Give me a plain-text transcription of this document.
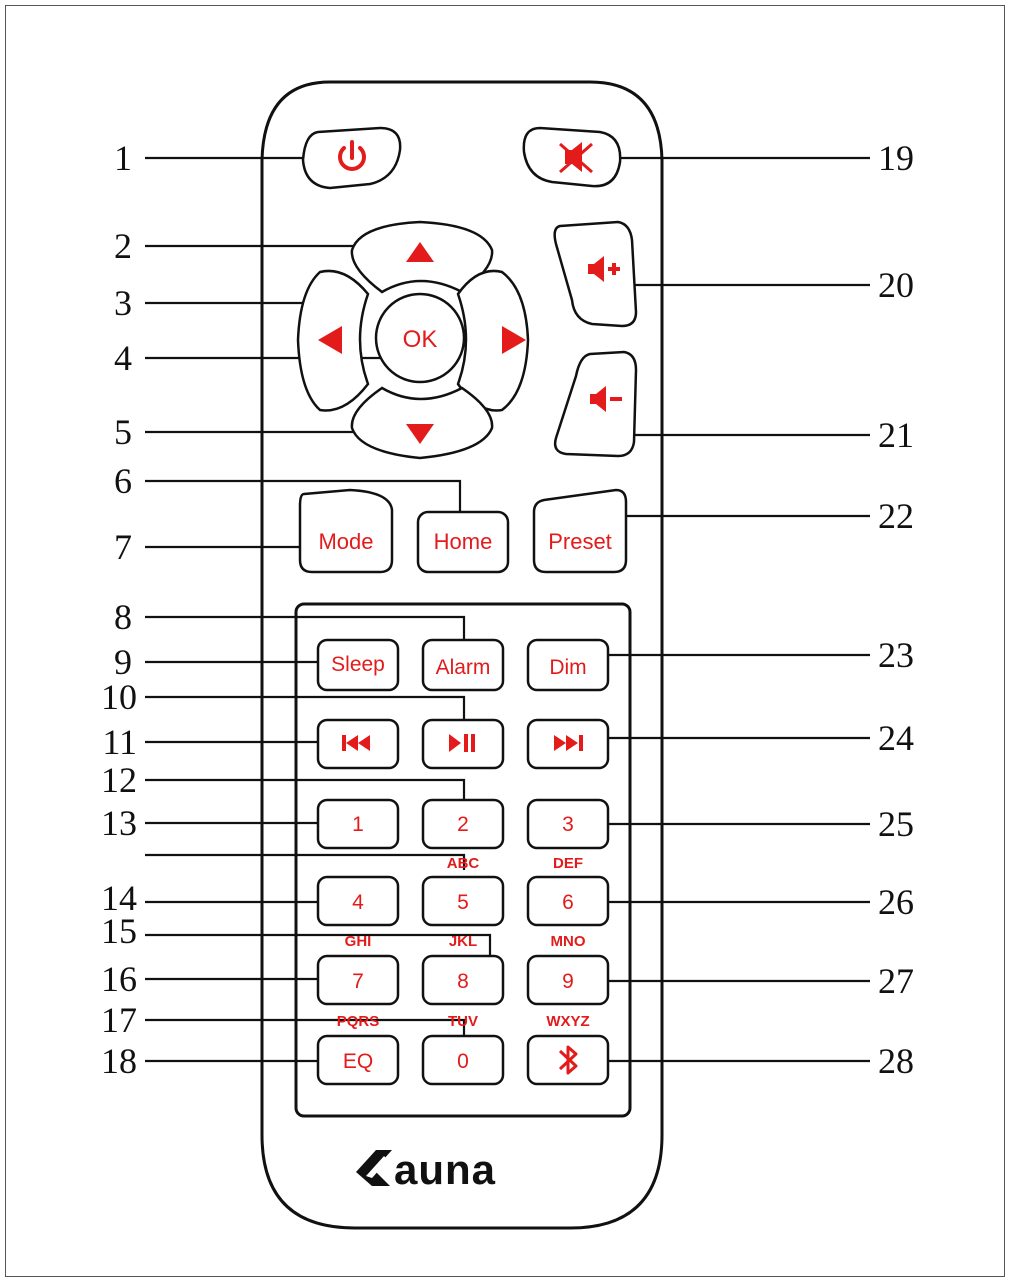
1
2
3
4
5
6
7
8
9
10
11
12
13
14
15
16
17
18
19
20
21
22
23
24
25
26
27
28
OK
Mode	Home	Preset
Sleep Alarm	Dim
1	2	3
ABC	DEF
4	5	6
GHI	JKL	MNO
7	8	9
PQRS	TUV	WXYZ
EQ	0
auna
